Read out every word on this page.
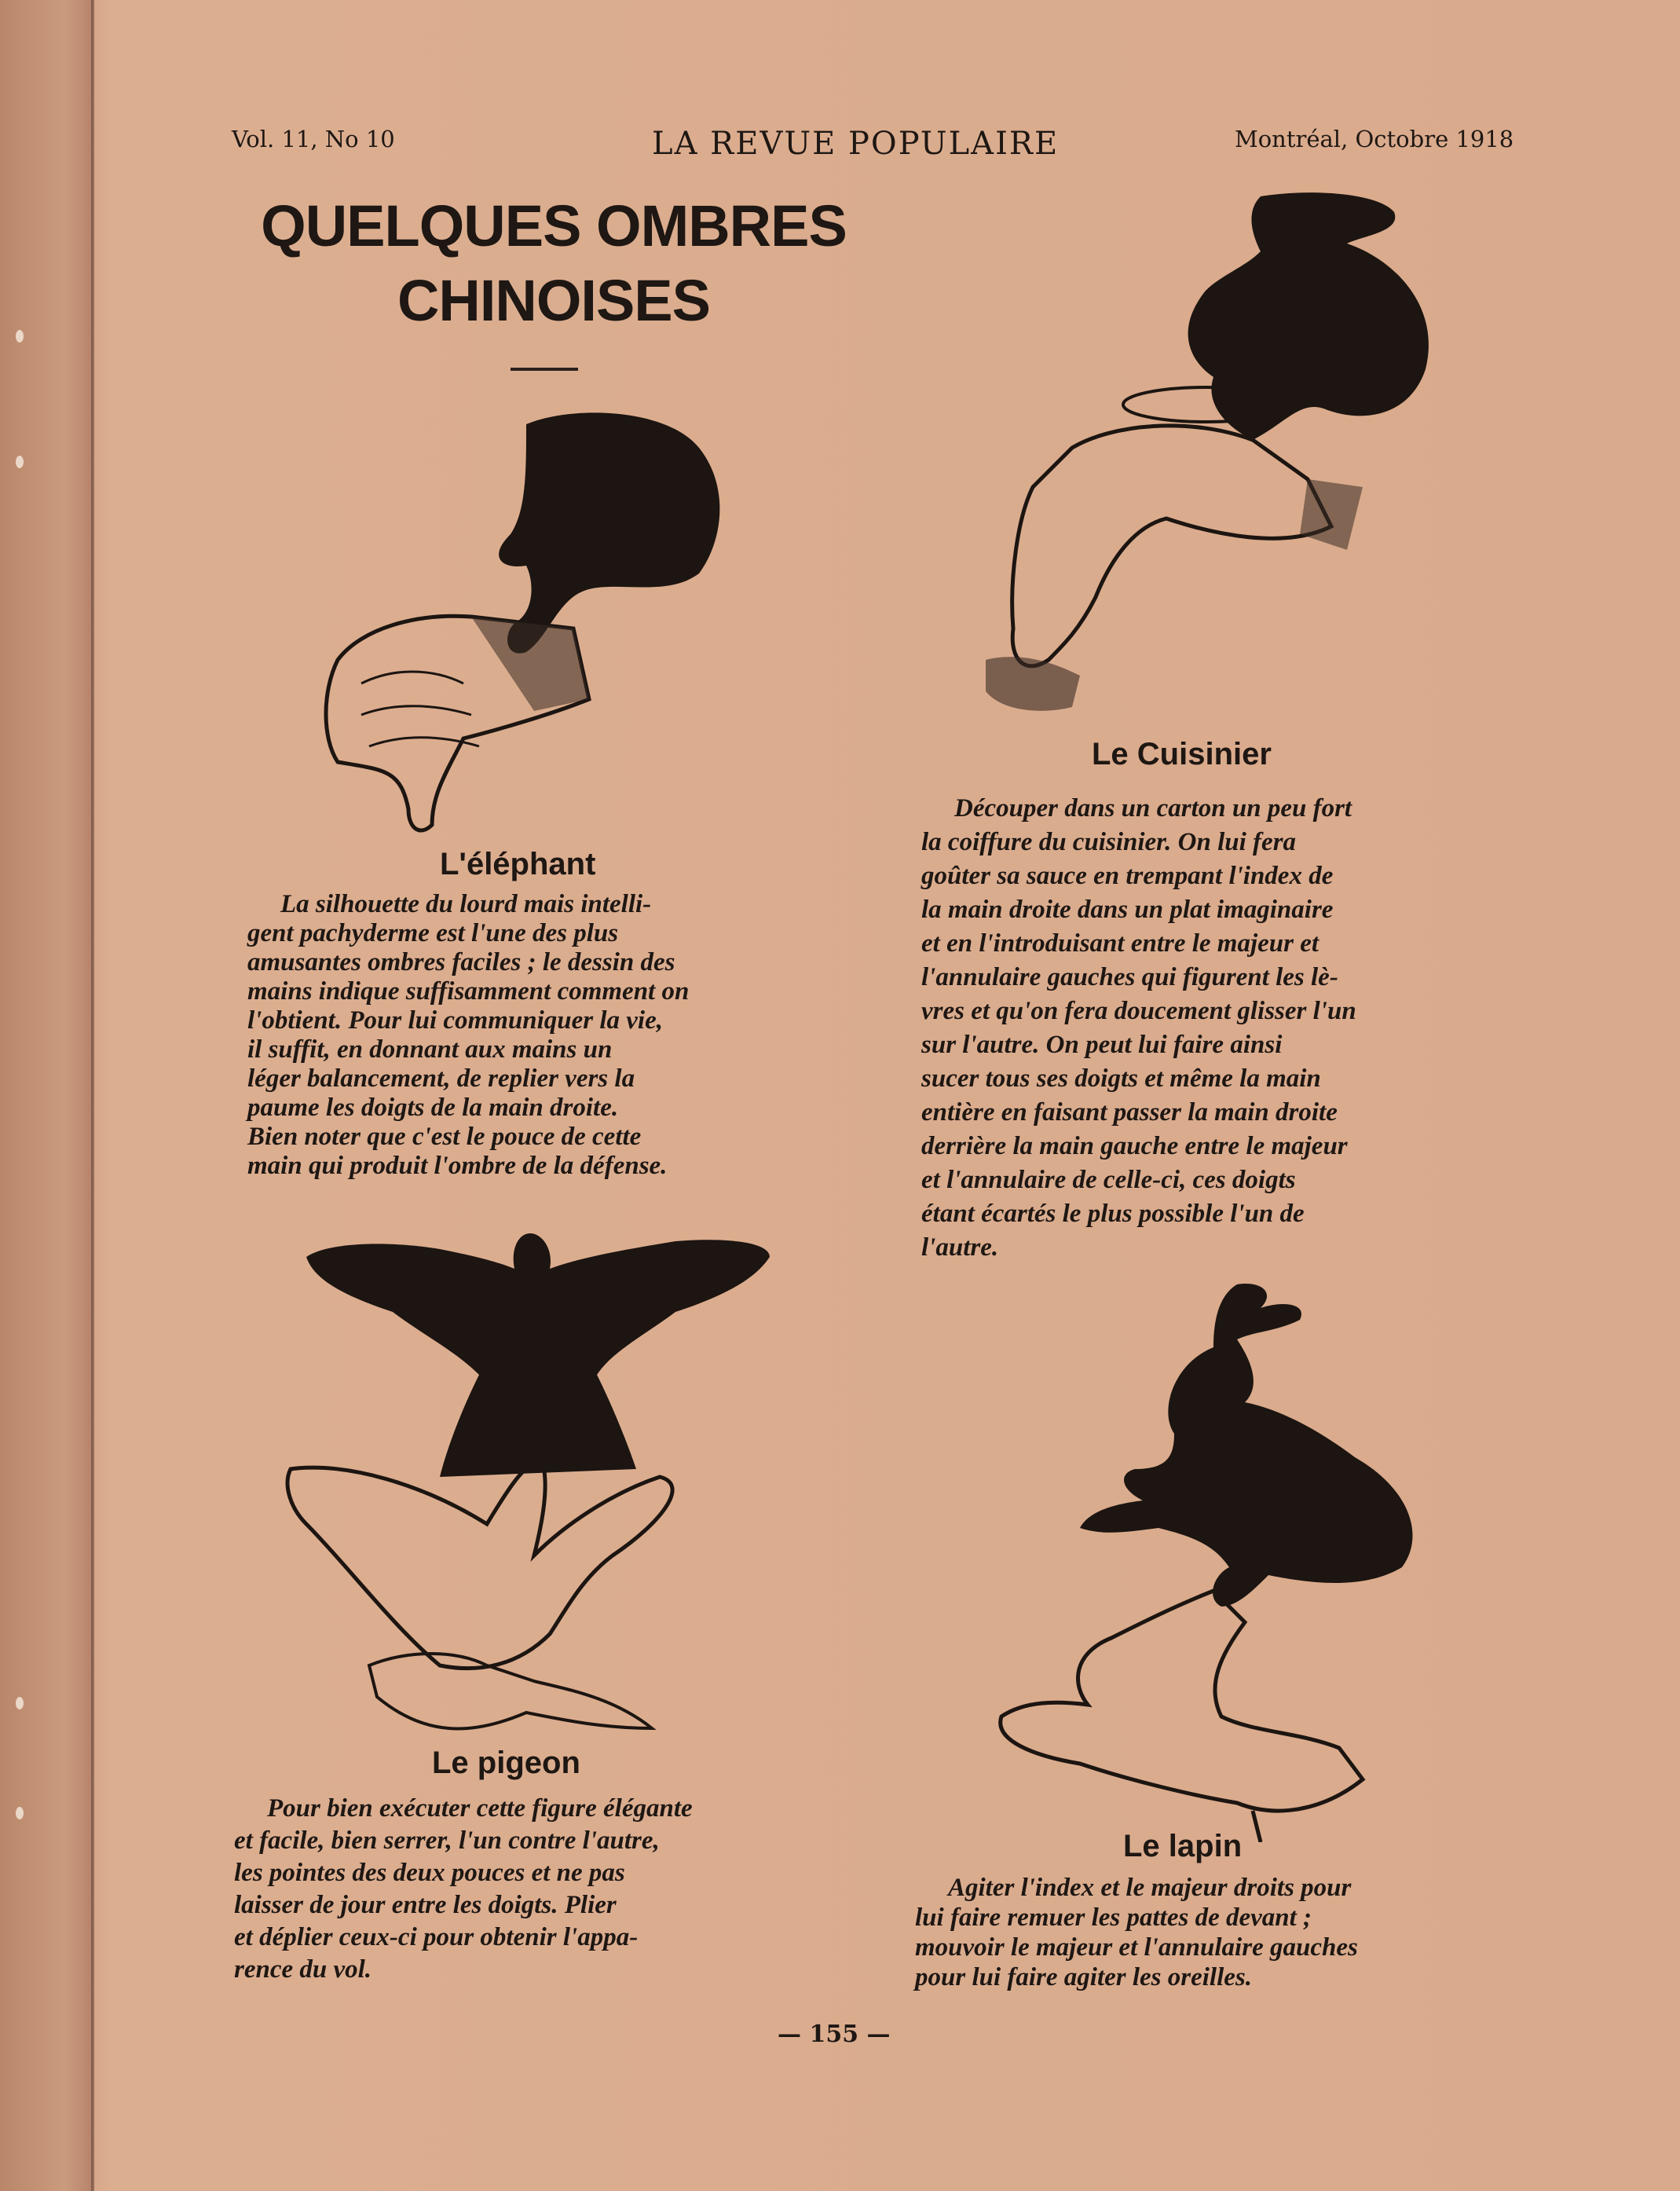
Vol. 11, No 10	LA REVUE POPULAIRE	Montréal, Octobre 1918
QUELQUES OMBRES
CHINOISES
L'éléphant
La silhouette du lourd mais intelli-
gent pachyderme est l'une des plus
amusantes ombres faciles ; le dessin des
mains indique suffisamment comment on
l'obtient. Pour lui communiquer la vie,
il suffit, en donnant aux mains un
léger balancement, de replier vers la
paume les doigts de la main droite.
Bien noter que c'est le pouce de cette
main qui produit l'ombre de la défense.
Le Cuisinier
Découper dans un carton un peu fort
la coiffure du cuisinier. On lui fera
goûter sa sauce en trempant l'index de
la main droite dans un plat imaginaire
et en l'introduisant entre le majeur et
l'annulaire gauches qui figurent les lè-
vres et qu'on fera doucement glisser l'un
sur l'autre. On peut lui faire ainsi
sucer tous ses doigts et même la main
entière en faisant passer la main droite
derrière la main gauche entre le majeur
et l'annulaire de celle-ci, ces doigts
étant écartés le plus possible l'un de
l'autre.
Le pigeon
Pour bien exécuter cette figure élégante
et facile, bien serrer, l'un contre l'autre,
les pointes des deux pouces et ne pas
laisser de jour entre les doigts. Plier
et déplier ceux-ci pour obtenir l'appa-
rence du vol.
Le lapin
Agiter l'index et le majeur droits pour
lui faire remuer les pattes de devant ;
mouvoir le majeur et l'annulaire gauches
pour lui faire agiter les oreilles.
— 155 —
